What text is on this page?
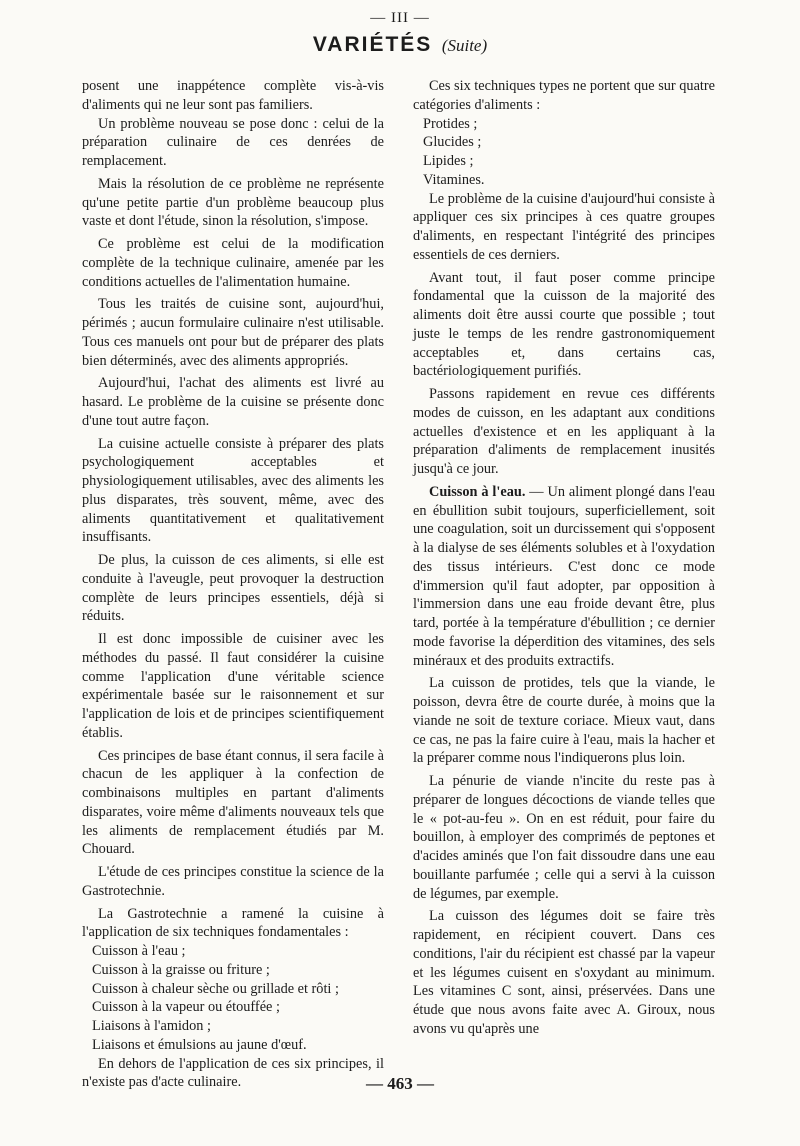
— III —
VARIÉTÉS (Suite)

posent une inappétence complète vis-à-vis d'aliments qui ne leur sont pas familiers.

Un problème nouveau se pose donc : celui de la préparation culinaire de ces denrées de remplacement.

Mais la résolution de ce problème ne représente qu'une petite partie d'un problème beaucoup plus vaste et dont l'étude, sinon la résolution, s'impose.

Ce problème est celui de la modification complète de la technique culinaire, amenée par les conditions actuelles de l'alimentation humaine.

Tous les traités de cuisine sont, aujourd'hui, périmés ; aucun formulaire culinaire n'est utilisable. Tous ces manuels ont pour but de préparer des plats bien déterminés, avec des aliments appropriés.

Aujourd'hui, l'achat des aliments est livré au hasard. Le problème de la cuisine se présente donc d'une tout autre façon.

La cuisine actuelle consiste à préparer des plats psychologiquement acceptables et physiologiquement utilisables, avec des aliments les plus disparates, très souvent, même, avec des aliments quantitativement et qualitativement insuffisants.

De plus, la cuisson de ces aliments, si elle est conduite à l'aveugle, peut provoquer la destruction complète de leurs principes essentiels, déjà si réduits.

Il est donc impossible de cuisiner avec les méthodes du passé. Il faut considérer la cuisine comme l'application d'une véritable science expérimentale basée sur le raisonnement et sur l'application de lois et de principes scientifiquement établis.

Ces principes de base étant connus, il sera facile à chacun de les appliquer à la confection de combinaisons multiples en partant d'aliments disparates, voire même d'aliments nouveaux tels que les aliments de remplacement étudiés par M. Chouard.

L'étude de ces principes constitue la science de la Gastrotechnie.

La Gastrotechnie a ramené la cuisine à l'application de six techniques fondamentales :

Cuisson à l'eau ;

Cuisson à la graisse ou friture ;

Cuisson à chaleur sèche ou grillade et rôti ;

Cuisson à la vapeur ou étouffée ;

Liaisons à l'amidon ;

Liaisons et émulsions au jaune d'œuf.

En dehors de l'application de ces six principes, il n'existe pas d'acte culinaire.

Ces six techniques types ne portent que sur quatre catégories d'aliments :

Protides ;

Glucides ;

Lipides ;

Vitamines.

Le problème de la cuisine d'aujourd'hui consiste à appliquer ces six principes à ces quatre groupes d'aliments, en respectant l'intégrité des principes essentiels de ces derniers.

Avant tout, il faut poser comme principe fondamental que la cuisson de la majorité des aliments doit être aussi courte que possible ; tout juste le temps de les rendre gastronomiquement acceptables et, dans certains cas, bactériologiquement purifiés.

Passons rapidement en revue ces différents modes de cuisson, en les adaptant aux conditions actuelles d'existence et en les appliquant à la préparation d'aliments de remplacement inusités jusqu'à ce jour.

Cuisson à l'eau. — Un aliment plongé dans l'eau en ébullition subit toujours, superficiellement, soit une coagulation, soit un durcissement qui s'opposent à la dialyse de ses éléments solubles et à l'oxydation des tissus intérieurs. C'est donc ce mode d'immersion qu'il faut adopter, par opposition à l'immersion dans une eau froide devant être, plus tard, portée à la température d'ébullition ; ce dernier mode favorise la déperdition des vitamines, des sels minéraux et des produits extractifs.

La cuisson de protides, tels que la viande, le poisson, devra être de courte durée, à moins que la viande ne soit de texture coriace. Mieux vaut, dans ce cas, ne pas la faire cuire à l'eau, mais la hacher et la préparer comme nous l'indiquerons plus loin.

La pénurie de viande n'incite du reste pas à préparer de longues décoctions de viande telles que le « pot-au-feu ». On en est réduit, pour faire du bouillon, à employer des comprimés de peptones et d'acides aminés que l'on fait dissoudre dans une eau bouillante parfumée ; celle qui a servi à la cuisson de légumes, par exemple.

La cuisson des légumes doit se faire très rapidement, en récipient couvert. Dans ces conditions, l'air du récipient est chassé par la vapeur et les légumes cuisent en s'oxydant au minimum. Les vitamines C sont, ainsi, préservées. Dans une étude que nous avons faite avec A. Giroux, nous avons vu qu'après une

— 463 —
